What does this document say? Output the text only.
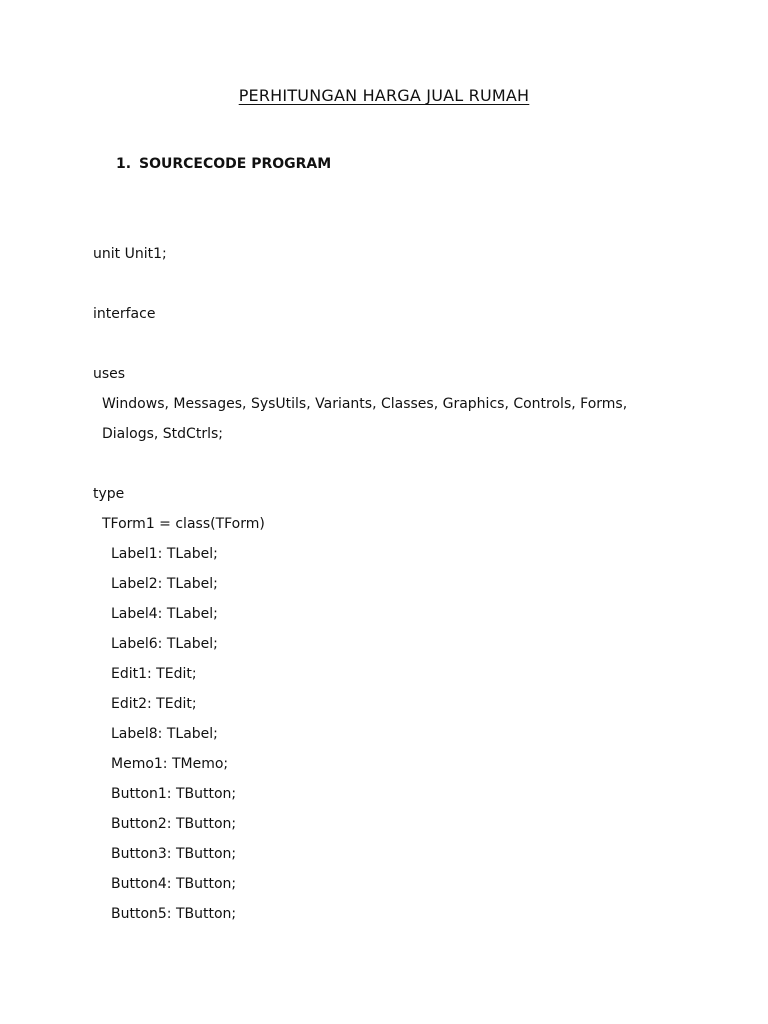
PERHITUNGAN HARGA JUAL RUMAH
1. SOURCECODE PROGRAM
unit Unit1;
interface
uses
Windows, Messages, SysUtils, Variants, Classes, Graphics, Controls, Forms,
Dialogs, StdCtrls;
type
TForm1 = class(TForm)
Label1: TLabel;
Label2: TLabel;
Label4: TLabel;
Label6: TLabel;
Edit1: TEdit;
Edit2: TEdit;
Label8: TLabel;
Memo1: TMemo;
Button1: TButton;
Button2: TButton;
Button3: TButton;
Button4: TButton;
Button5: TButton;
